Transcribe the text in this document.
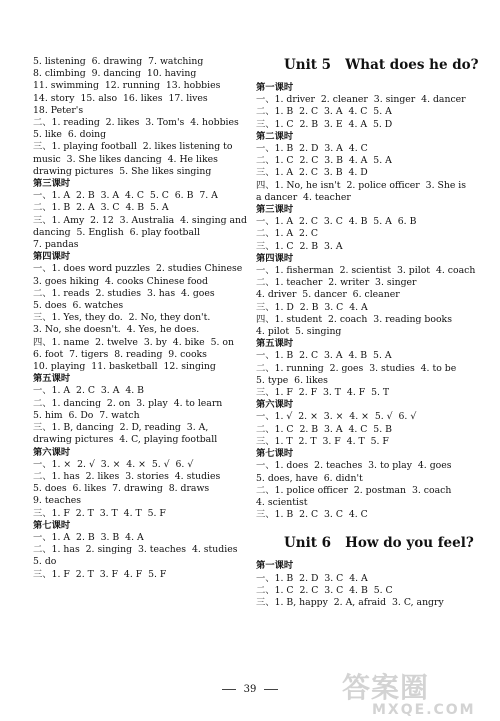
5. listening  6. drawing  7. watching
8. climbing  9. dancing  10. having
11. swimming  12. running  13. hobbies
14. story  15. also  16. likes  17. lives
18. Peter's
二、1. reading  2. likes  3. Tom's  4. hobbies
5. like  6. doing
三、1. playing football  2. likes listening to
music  3. She likes dancing  4. He likes
drawing pictures  5. She likes singing
第三课时
一、1. A  2. B  3. A  4. C  5. C  6. B  7. A
二、1. B  2. A  3. C  4. B  5. A
三、1. Amy  2. 12  3. Australia  4. singing and
dancing  5. English  6. play football
7. pandas
第四课时
一、1. does word puzzles  2. studies Chinese
3. goes hiking  4. cooks Chinese food
二、1. reads  2. studies  3. has  4. goes
5. does  6. watches
三、1. Yes, they do.  2. No, they don't.
3. No, she doesn't.  4. Yes, he does.
四、1. name  2. twelve  3. by  4. bike  5. on
6. foot  7. tigers  8. reading  9. cooks
10. playing  11. basketball  12. singing
第五课时
一、1. A  2. C  3. A  4. B
二、1. dancing  2. on  3. play  4. to learn
5. him  6. Do  7. watch
三、1. B, dancing  2. D, reading  3. A,
drawing pictures  4. C, playing football
第六课时
一、1. ×  2. √  3. ×  4. ×  5. √  6. √
二、1. has  2. likes  3. stories  4. studies
5. does  6. likes  7. drawing  8. draws
9. teaches
三、1. F  2. T  3. T  4. T  5. F
第七课时
一、1. A  2. B  3. B  4. A
二、1. has  2. singing  3. teaches  4. studies
5. do
三、1. F  2. T  3. F  4. F  5. F
Unit 5   What does he do?
第一课时
一、1. driver  2. cleaner  3. singer  4. dancer
二、1. B  2. C  3. A  4. C  5. A
三、1. C  2. B  3. E  4. A  5. D
第二课时
一、1. B  2. D  3. A  4. C
二、1. C  2. C  3. B  4. A  5. A
三、1. A  2. C  3. B  4. D
四、1. No, he isn't  2. police officer  3. She is
a dancer  4. teacher
第三课时
一、1. A  2. C  3. C  4. B  5. A  6. B
二、1. A  2. C
三、1. C  2. B  3. A
第四课时
一、1. fisherman  2. scientist  3. pilot  4. coach
二、1. teacher  2. writer  3. singer
4. driver  5. dancer  6. cleaner
三、1. D  2. B  3. C  4. A
四、1. student  2. coach  3. reading books
4. pilot  5. singing
第五课时
一、1. B  2. C  3. A  4. B  5. A
二、1. running  2. goes  3. studies  4. to be
5. type  6. likes
三、1. F  2. F  3. T  4. F  5. T
第六课时
一、1. √  2. ×  3. ×  4. ×  5. √  6. √
二、1. C  2. B  3. A  4. C  5. B
三、1. T  2. T  3. F  4. T  5. F
第七课时
一、1. does  2. teaches  3. to play  4. goes
5. does, have  6. didn't
二、1. police officer  2. postman  3. coach
4. scientist
三、1. B  2. C  3. C  4. C
Unit 6   How do you feel?
第一课时
一、1. B  2. D  3. C  4. A
二、1. C  2. C  3. C  4. B  5. C
三、1. B, happy  2. A, afraid  3. C, angry
39	答案圈
MXQE.COM
